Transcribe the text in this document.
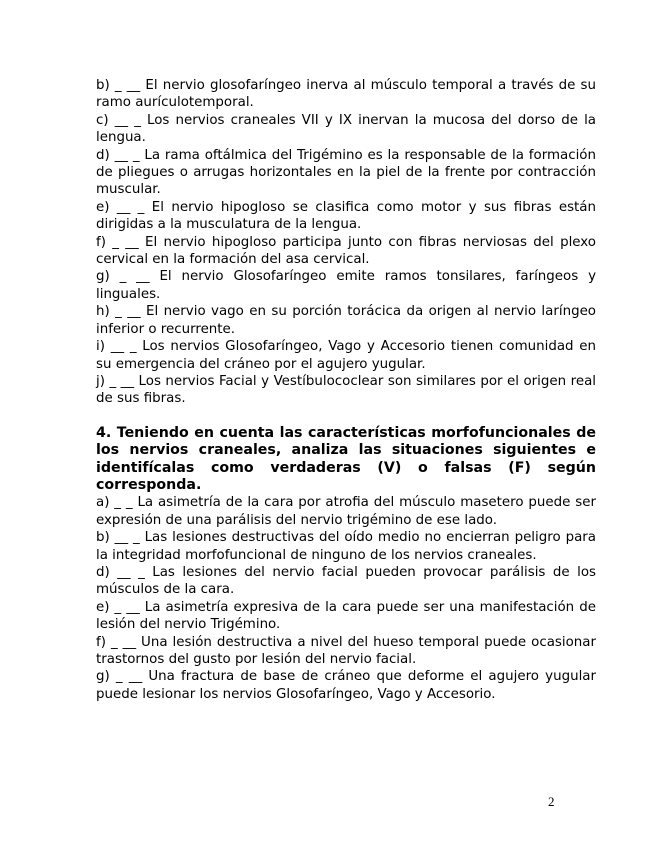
b) _ __ El nervio glosofaríngeo inerva al músculo temporal a través de su ramo aurículotemporal.

c) __ _ Los nervios craneales VII y IX inervan la mucosa del dorso de la lengua.

d) __ _ La rama oftálmica del Trigémino es la responsable de la formación de pliegues o arrugas horizontales en la piel de la frente por contracción muscular.

e) __ _ El nervio hipogloso se clasifica como motor y sus fibras están dirigidas a la musculatura de la lengua.

f) _ __ El nervio hipogloso participa junto con fibras nerviosas del plexo cervical en la formación del asa cervical.

g) _ __ El nervio Glosofaríngeo emite ramos tonsilares, faríngeos y linguales.

h) _ __ El nervio vago en su porción torácica da origen al nervio laríngeo inferior o recurrente.

i) __ _ Los nervios Glosofaríngeo, Vago y Accesorio tienen comunidad en su emergencia del cráneo por el agujero yugular.

j) _ __ Los nervios Facial y Vestíbulococlear son similares por el origen real de sus fibras.

4. Teniendo en cuenta las características morfofuncionales de los nervios craneales, analiza las situaciones siguientes e identifícalas como verdaderas (V) o falsas (F) según corresponda.

a) _ _ La asimetría de la cara por atrofia del músculo masetero puede ser expresión de una parálisis del nervio trigémino de ese lado.

b) __ _ Las lesiones destructivas del oído medio no encierran peligro para la integridad morfofuncional de ninguno de los nervios craneales.

d) __ _ Las lesiones del nervio facial pueden provocar parálisis de los músculos de la cara.

e) _ __ La asimetría expresiva de la cara puede ser una manifestación de lesión del nervio Trigémino.

f) _ __ Una lesión destructiva a nivel del hueso temporal puede ocasionar trastornos del gusto por lesión del nervio facial.

g) _ __ Una fractura de base de cráneo que deforme el agujero yugular puede lesionar los nervios Glosofaríngeo, Vago y Accesorio.

2
